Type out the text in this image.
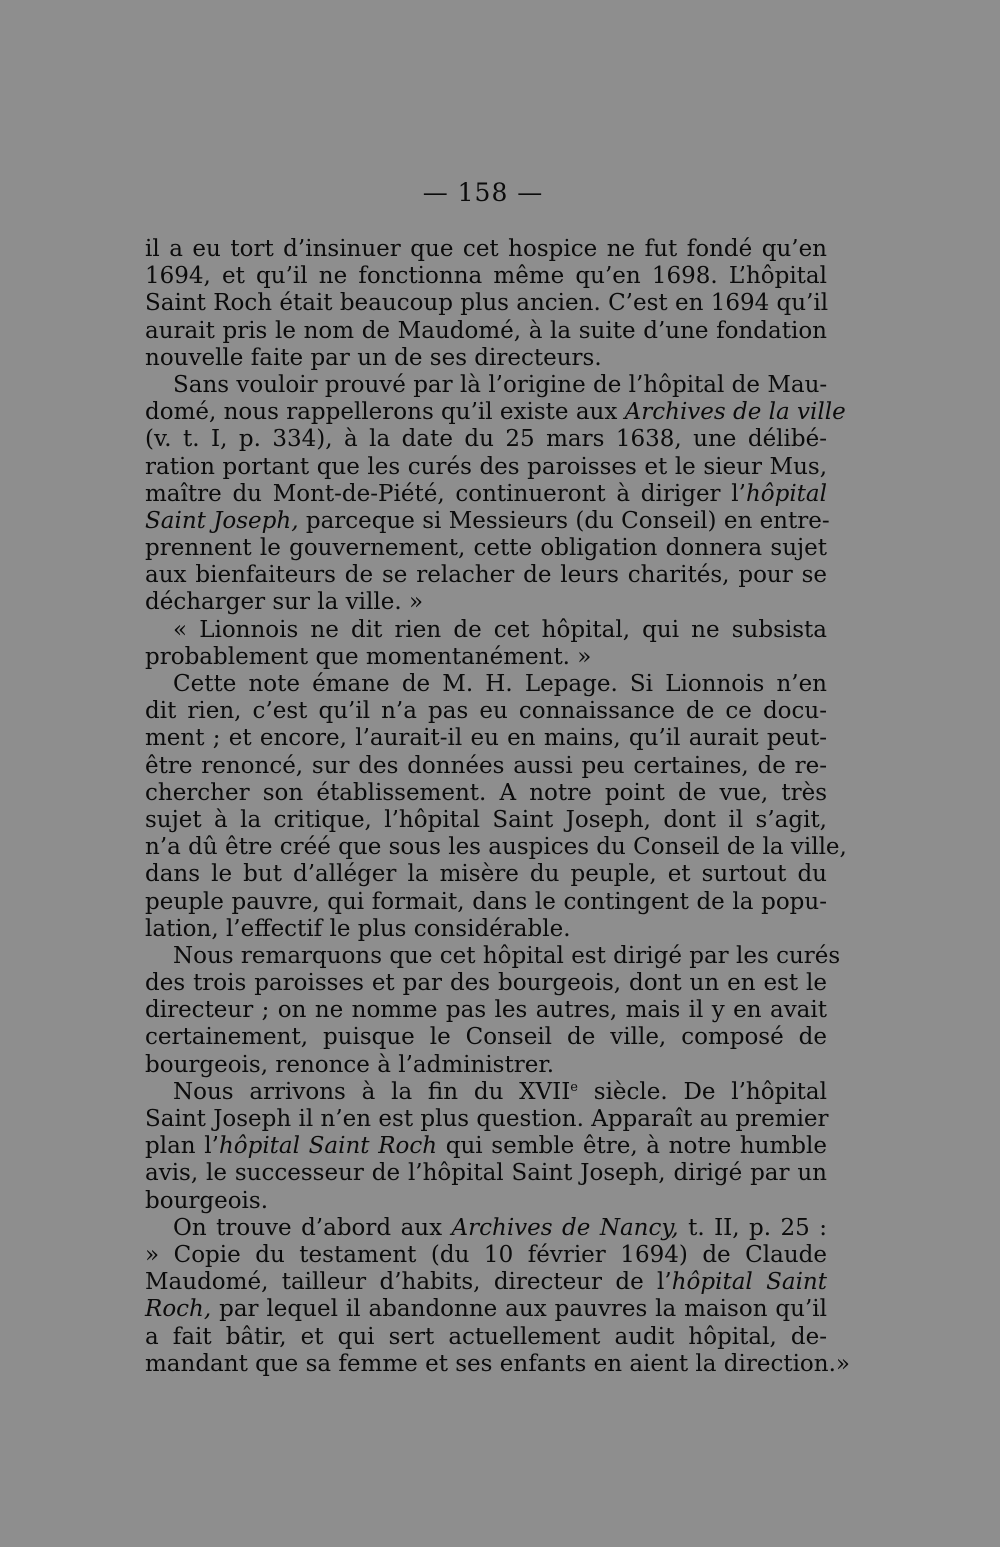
— 158 —
il a eu tort d’insinuer que cet hospice ne fut fondé qu’en
1694, et qu’il ne fonctionna même qu’en 1698. L’hôpital
Saint Roch était beaucoup plus ancien. C’est en 1694 qu’il
aurait pris le nom de Maudomé, à la suite d’une fondation
nouvelle faite par un de ses directeurs.
Sans vouloir prouvé par là l’origine de l’hôpital de Mau-
domé, nous rappellerons qu’il existe aux Archives de la ville
(v. t. I, p. 334), à la date du 25 mars 1638, une délibé-
ration portant que les curés des paroisses et le sieur Mus,
maître du Mont-de-Piété, continueront à diriger l’hôpital
Saint Joseph, parceque si Messieurs (du Conseil) en entre-
prennent le gouvernement, cette obligation donnera sujet
aux bienfaiteurs de se relacher de leurs charités, pour se
décharger sur la ville. »
« Lionnois ne dit rien de cet hôpital, qui ne subsista
probablement que momentanément. »
Cette note émane de M. H. Lepage. Si Lionnois n’en
dit rien, c’est qu’il n’a pas eu connaissance de ce docu-
ment ; et encore, l’aurait-il eu en mains, qu’il aurait peut-
être renoncé, sur des données aussi peu certaines, de re-
chercher son établissement. A notre point de vue, très
sujet à la critique, l’hôpital Saint Joseph, dont il s’agit,
n’a dû être créé que sous les auspices du Conseil de la ville,
dans le but d’alléger la misère du peuple, et surtout du
peuple pauvre, qui formait, dans le contingent de la popu-
lation, l’effectif le plus considérable.
Nous remarquons que cet hôpital est dirigé par les curés
des trois paroisses et par des bourgeois, dont un en est le
directeur ; on ne nomme pas les autres, mais il y en avait
certainement, puisque le Conseil de ville, composé de
bourgeois, renonce à l’administrer.
Nous arrivons à la fin du XVIIe siècle. De l’hôpital
Saint Joseph il n’en est plus question. Apparaît au premier
plan l’hôpital Saint Roch qui semble être, à notre humble
avis, le successeur de l’hôpital Saint Joseph, dirigé par un
bourgeois.
On trouve d’abord aux Archives de Nancy, t. II, p. 25 :
» Copie du testament (du 10 février 1694) de Claude
Maudomé, tailleur d’habits, directeur de l’hôpital Saint
Roch, par lequel il abandonne aux pauvres la maison qu’il
a fait bâtir, et qui sert actuellement audit hôpital, de-
mandant que sa femme et ses enfants en aient la direction.»
